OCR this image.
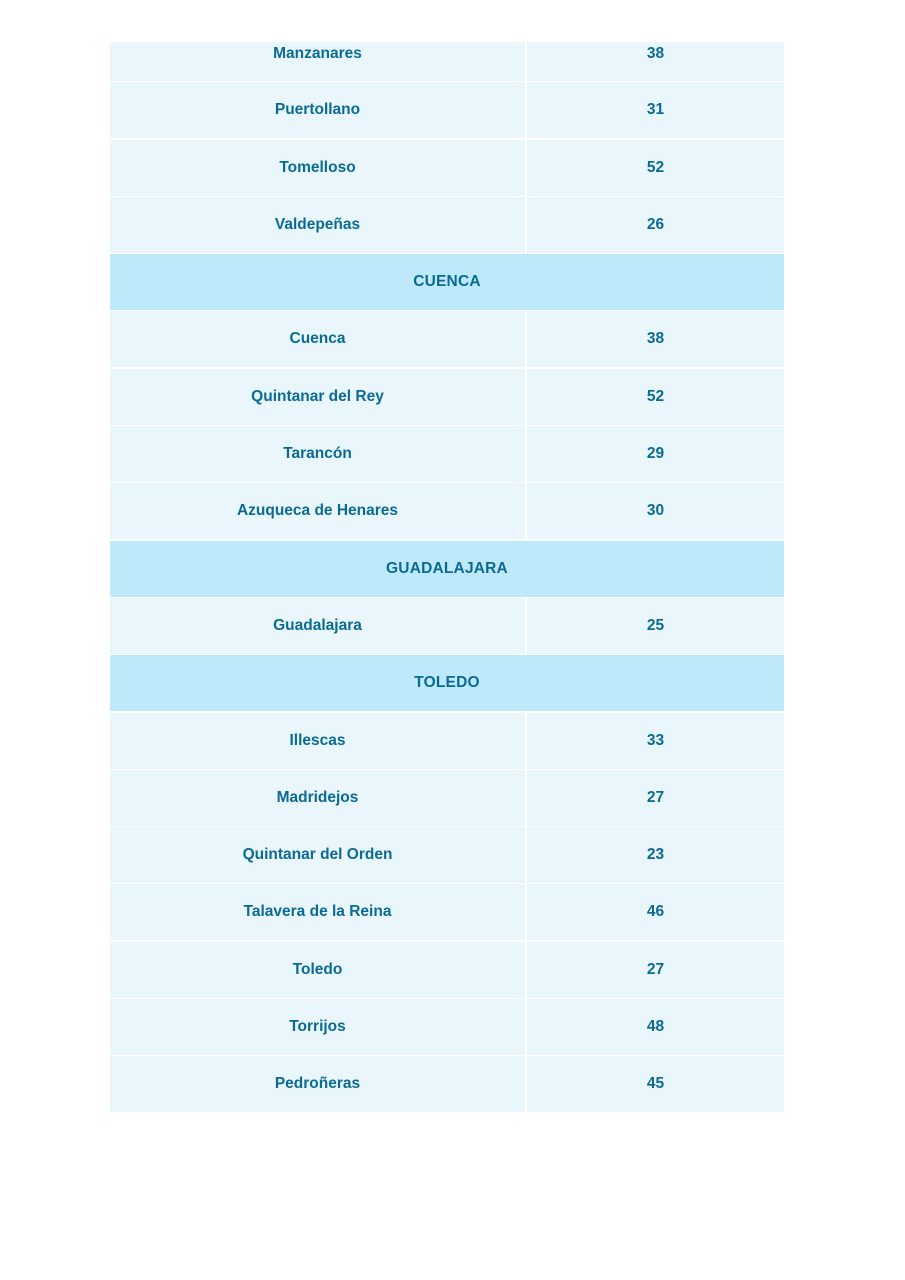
Manzanares	38
Puertollano	31
Tomelloso	52
Valdepeñas	26
CUENCA
Cuenca	38
Quintanar del Rey	52
Tarancón	29
Azuqueca de Henares	30
GUADALAJARA
Guadalajara	25
TOLEDO
Illescas	33
Madridejos	27
Quintanar del Orden	23
Talavera de la Reina	46
Toledo	27
Torrijos	48
Pedroñeras	45
